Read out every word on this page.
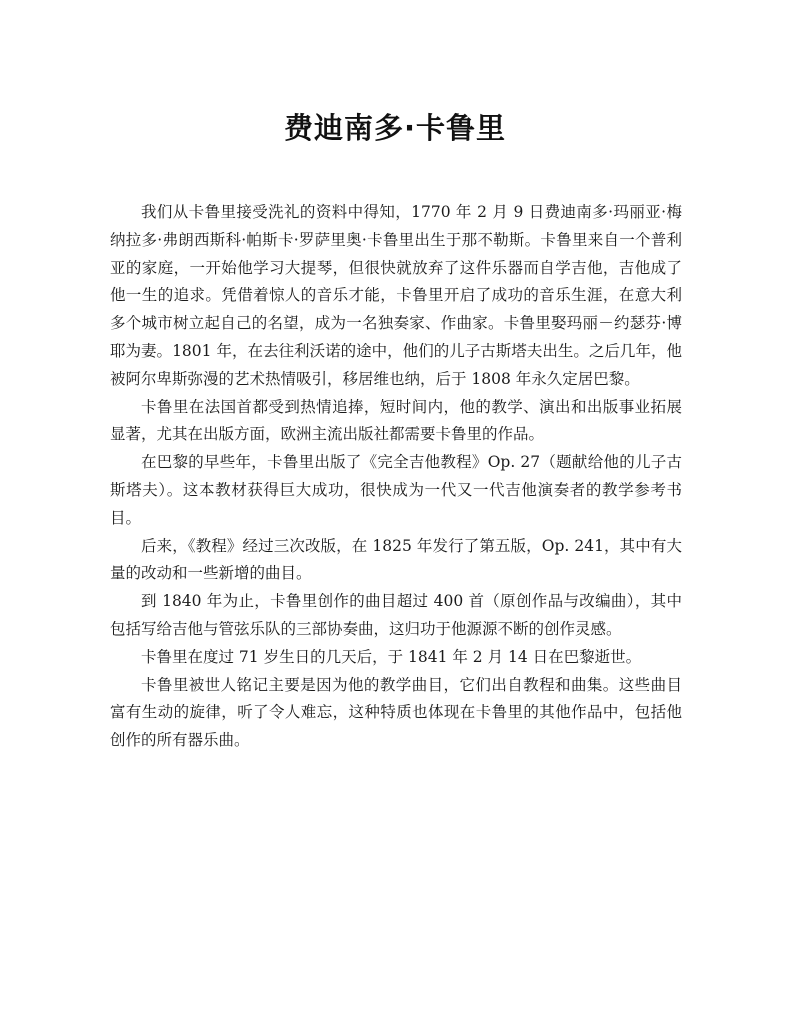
费迪南多·卡鲁里

我们从卡鲁里接受洗礼的资料中得知，1770 年 2 月 9 日费迪南多·玛丽亚·梅纳拉多·弗朗西斯科·帕斯卡·罗萨里奥·卡鲁里出生于那不勒斯。卡鲁里来自一个普利亚的家庭，一开始他学习大提琴，但很快就放弃了这件乐器而自学吉他，吉他成了他一生的追求。凭借着惊人的音乐才能，卡鲁里开启了成功的音乐生涯，在意大利多个城市树立起自己的名望，成为一名独奏家、作曲家。卡鲁里娶玛丽－约瑟芬·博耶为妻。1801 年，在去往利沃诺的途中，他们的儿子古斯塔夫出生。之后几年，他被阿尔卑斯弥漫的艺术热情吸引，移居维也纳，后于 1808 年永久定居巴黎。

卡鲁里在法国首都受到热情追捧，短时间内，他的教学、演出和出版事业拓展显著，尤其在出版方面，欧洲主流出版社都需要卡鲁里的作品。

在巴黎的早些年，卡鲁里出版了《完全吉他教程》Op. 27（题献给他的儿子古斯塔夫）。这本教材获得巨大成功，很快成为一代又一代吉他演奏者的教学参考书目。

后来，《教程》经过三次改版，在 1825 年发行了第五版，Op. 241，其中有大量的改动和一些新增的曲目。

到 1840 年为止，卡鲁里创作的曲目超过 400 首（原创作品与改编曲），其中包括写给吉他与管弦乐队的三部协奏曲，这归功于他源源不断的创作灵感。

卡鲁里在度过 71 岁生日的几天后，于 1841 年 2 月 14 日在巴黎逝世。

卡鲁里被世人铭记主要是因为他的教学曲目，它们出自教程和曲集。这些曲目富有生动的旋律，听了令人难忘，这种特质也体现在卡鲁里的其他作品中，包括他创作的所有器乐曲。
